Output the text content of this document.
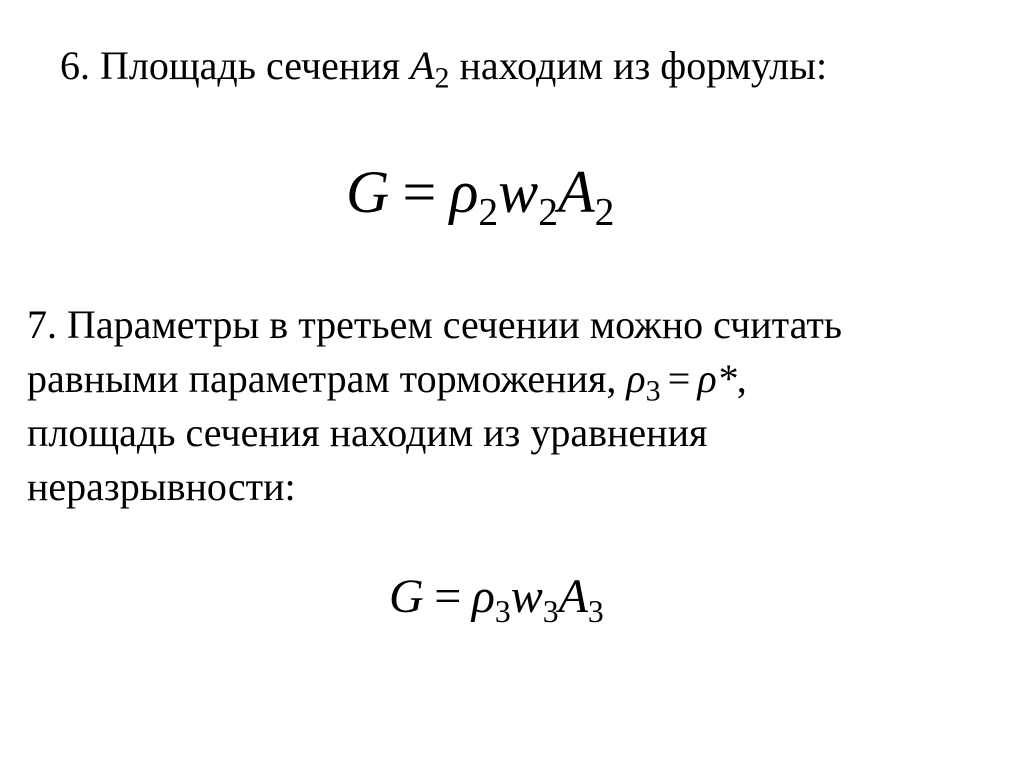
6. Площадь сечения $A_2$ находим из формулы:
$G = \rho_2w_2A_2$
7. Параметры в третьем сечении можно считать
равными параметрам торможения, $\rho_3 = \rho*$,
площадь сечения находим из уравнения
неразрывности:
$G = \rho_3w_3A_3$
